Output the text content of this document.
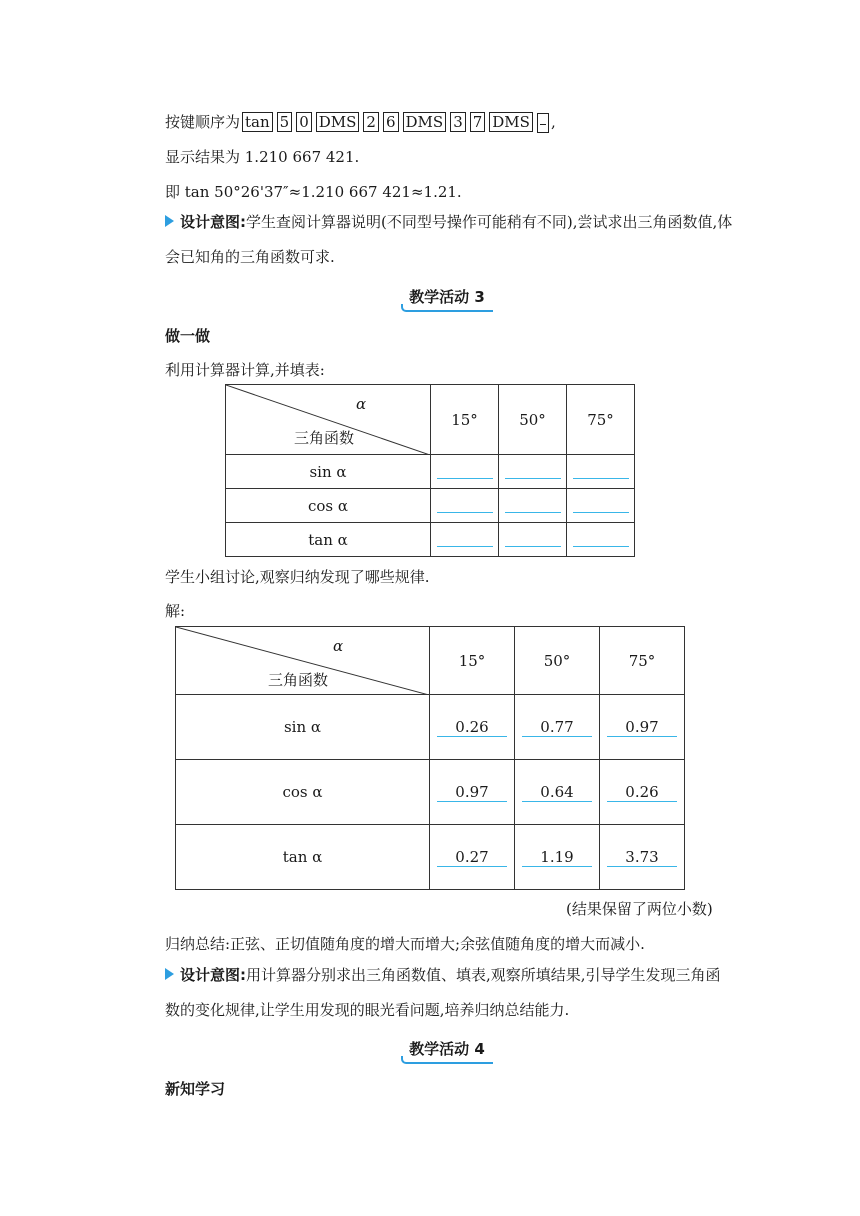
按键顺序为 tan 5 0 DMS 2 6 DMS 3 7 DMS ,
显示结果为 1.210 667 421.
即 tan 50°26'37″≈1.210 667 421≈1.21.
设计意图:学生查阅计算器说明(不同型号操作可能稍有不同),尝试求出三角函数值,体会已知角的三角函数可求.
教学活动 3
做一做
利用计算器计算,并填表:
α
三角函数	15°	50°	75°
sin α			
cos α			
tan α			
学生小组讨论,观察归纳发现了哪些规律.
解:
α
三角函数	15°	50°	75°
sin α	0.26	0.77	0.97
cos α	0.97	0.64	0.26
tan α	0.27	1.19	3.73
(结果保留了两位小数)
归纳总结:正弦、正切值随角度的增大而增大;余弦值随角度的增大而减小.
设计意图:用计算器分别求出三角函数值、填表,观察所填结果,引导学生发现三角函数的变化规律,让学生用发现的眼光看问题,培养归纳总结能力.
教学活动 4
新知学习
